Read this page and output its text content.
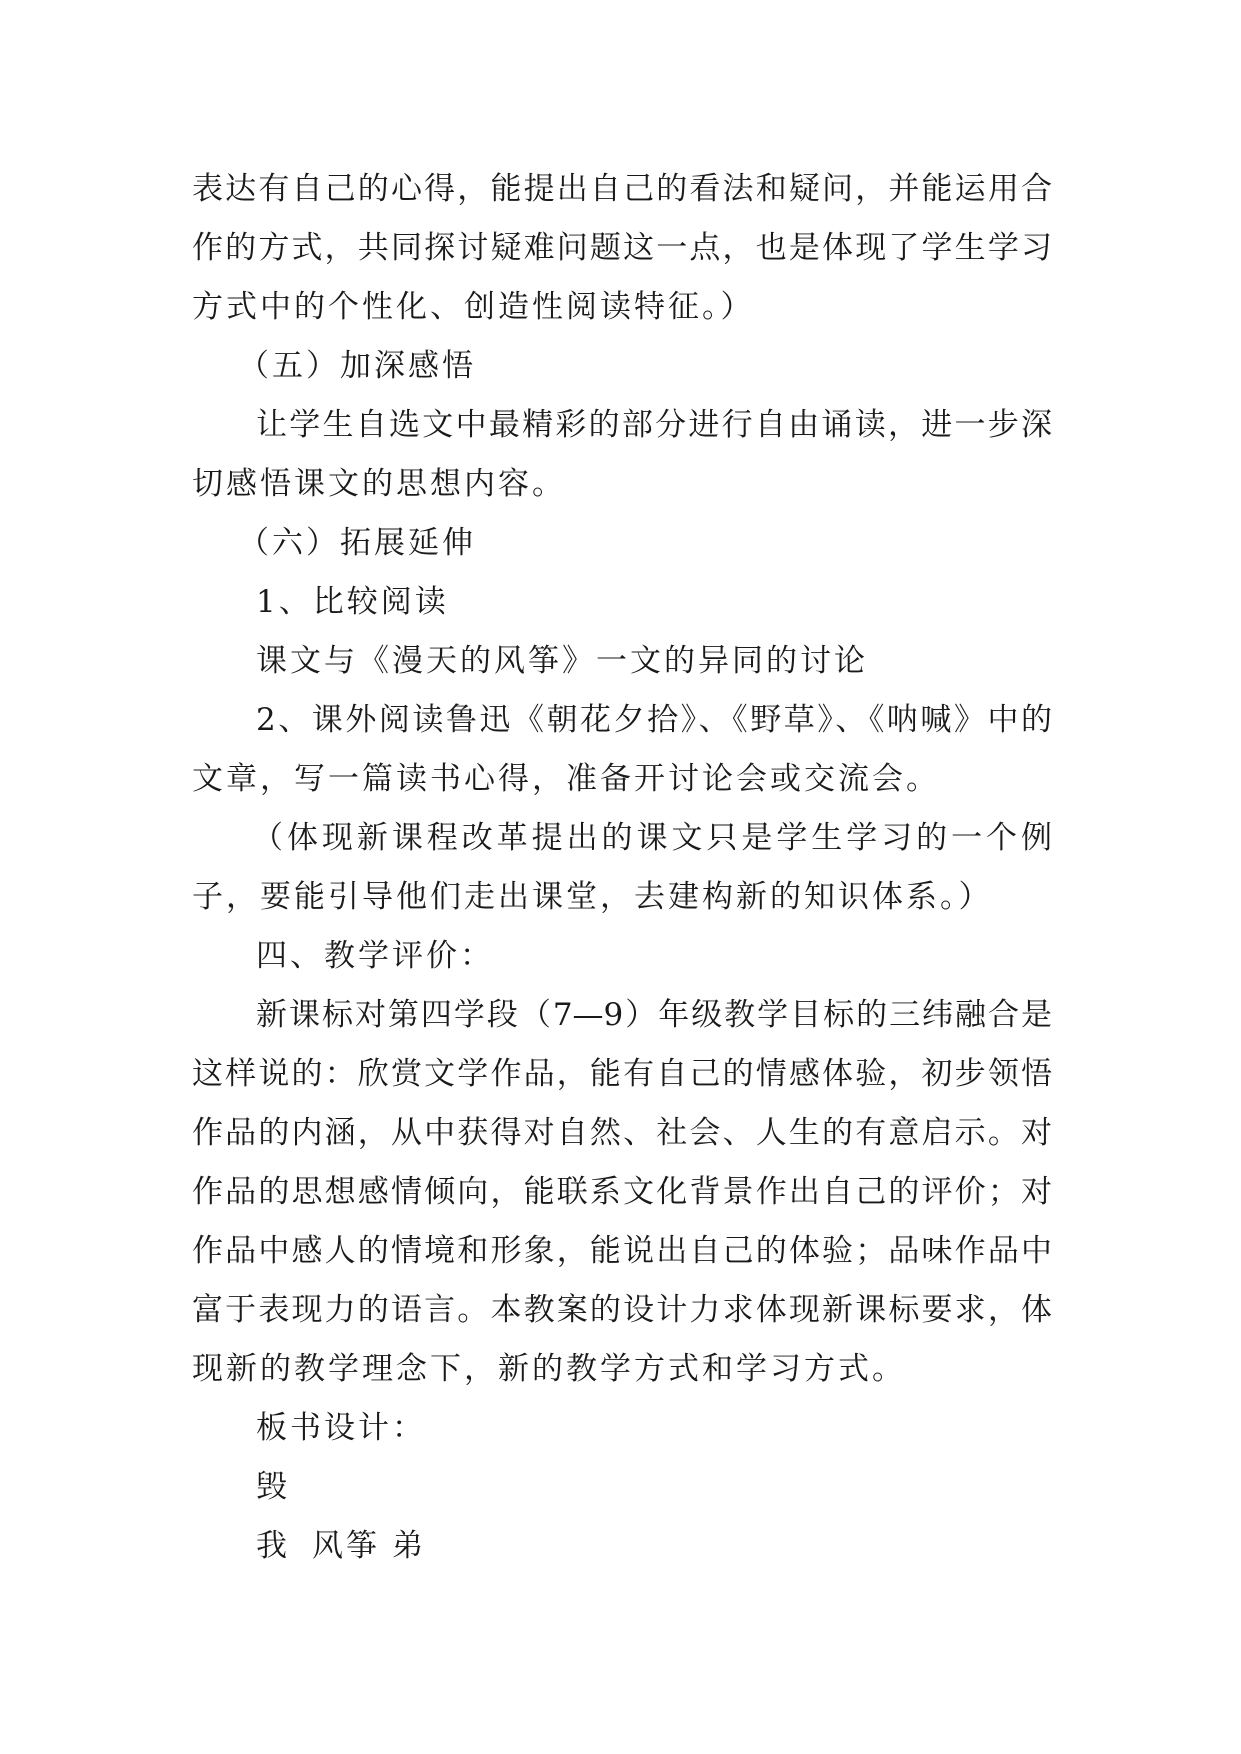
表达有自己的心得，能提出自己的看法和疑问，并能运用合
作的方式，共同探讨疑难问题这一点，也是体现了学生学习
方式中的个性化、创造性阅读特征。）
（五）加深感悟
让学生自选文中最精彩的部分进行自由诵读，进一步深
切感悟课文的思想内容。
（六）拓展延伸
1、比较阅读
课文与《漫天的风筝》一文的异同的讨论
2、课外阅读鲁迅《朝花夕拾》、《野草》、《呐喊》中的
文章，写一篇读书心得，准备开讨论会或交流会。
（体现新课程改革提出的课文只是学生学习的一个例
子，要能引导他们走出课堂，去建构新的知识体系。）
四、教学评价：
新课标对第四学段（7—9）年级教学目标的三纬融合是
这样说的：欣赏文学作品，能有自己的情感体验，初步领悟
作品的内涵，从中获得对自然、社会、人生的有意启示。对
作品的思想感情倾向，能联系文化背景作出自己的评价；对
作品中感人的情境和形象，能说出自己的体验；品味作品中
富于表现力的语言。本教案的设计力求体现新课标要求，体
现新的教学理念下，新的教学方式和学习方式。
板书设计：
毁
我 风筝 弟
